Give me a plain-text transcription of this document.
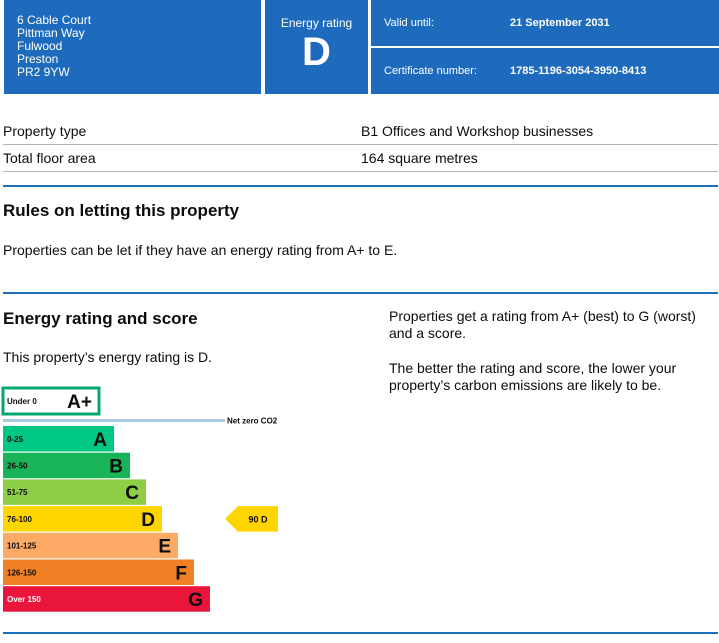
6 Cable Court
Pittman Way
Fulwood
Preston
PR2 9YW
Energy rating
D
Valid until:	21 September 2031
Certificate number:	1785-1196-3054-3950-8413
Property type	B1 Offices and Workshop businesses
Total floor area	164 square metres
Rules on letting this property
Properties can be let if they have an energy rating from A+ to E.
Energy rating and score
This property’s energy rating is D.
Properties get a rating from A+ (best) to G (worst) and a score.
The better the rating and score, the lower your property’s carbon emissions are likely to be.
Under 0 A+
0-25	A
26-50	B
51-75	C
76-100	D
101-125	E
126-150	F
Over 150	G
Net zero CO2
90 D
